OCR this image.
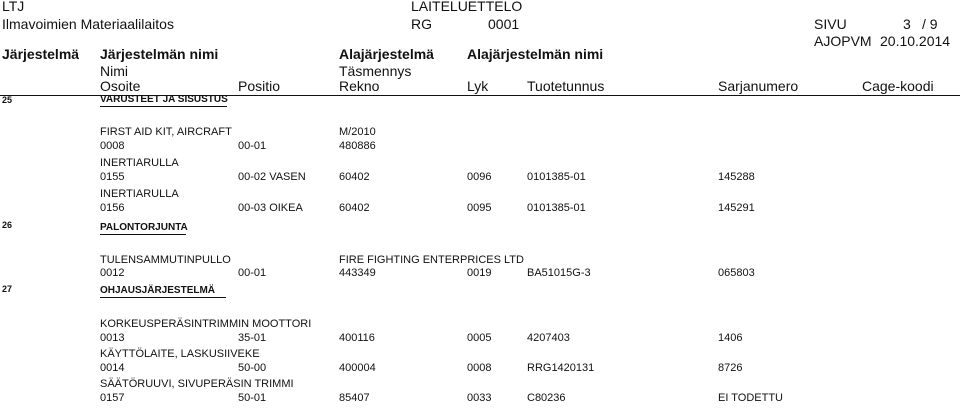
LTJ
Ilmavoimien Materiaalilaitos
LAITELUETTELO
RG	0001	SIVU	3 / 9
AJOPVM 20.10.2014
Järjestelmä Järjestelmän nimi	Alajärjestelmä Alajärjestelmän nimi
Nimi	Täsmennys
Osoite	Positio	Rekno	Lyk	Tuotetunnus	Sarjanumero	Cage-koodi
25	VARUSTEET JA SISUSTUS
FIRST AID KIT, AIRCRAFT	M/2010
0008	00-01	480886
INERTIARULLA
0155	00-02 VASEN	60402	0096	0101385-01	145288
INERTIARULLA
0156	00-03 OIKEA	60402	0095	0101385-01	145291
26	PALONTORJUNTA
TULENSAMMUTINPULLO	FIRE FIGHTING ENTERPRICES LTD
0012	00-01	443349	0019	BA51015G-3	065803
27	OHJAUSJÄRJESTELMÄ
KORKEUSPERÄSINTRIMMIN MOOTTORI
0013	35-01	400116	0005	4207403	1406
KÄYTTÖLAITE, LASKUSIIVEKE
0014	50-00	400004	0008	RRG1420131	8726
SÄÄTÖRUUVI, SIVUPERÄSIN TRIMMI
0157	50-01	85407	0033	C80236	EI TODETTU
